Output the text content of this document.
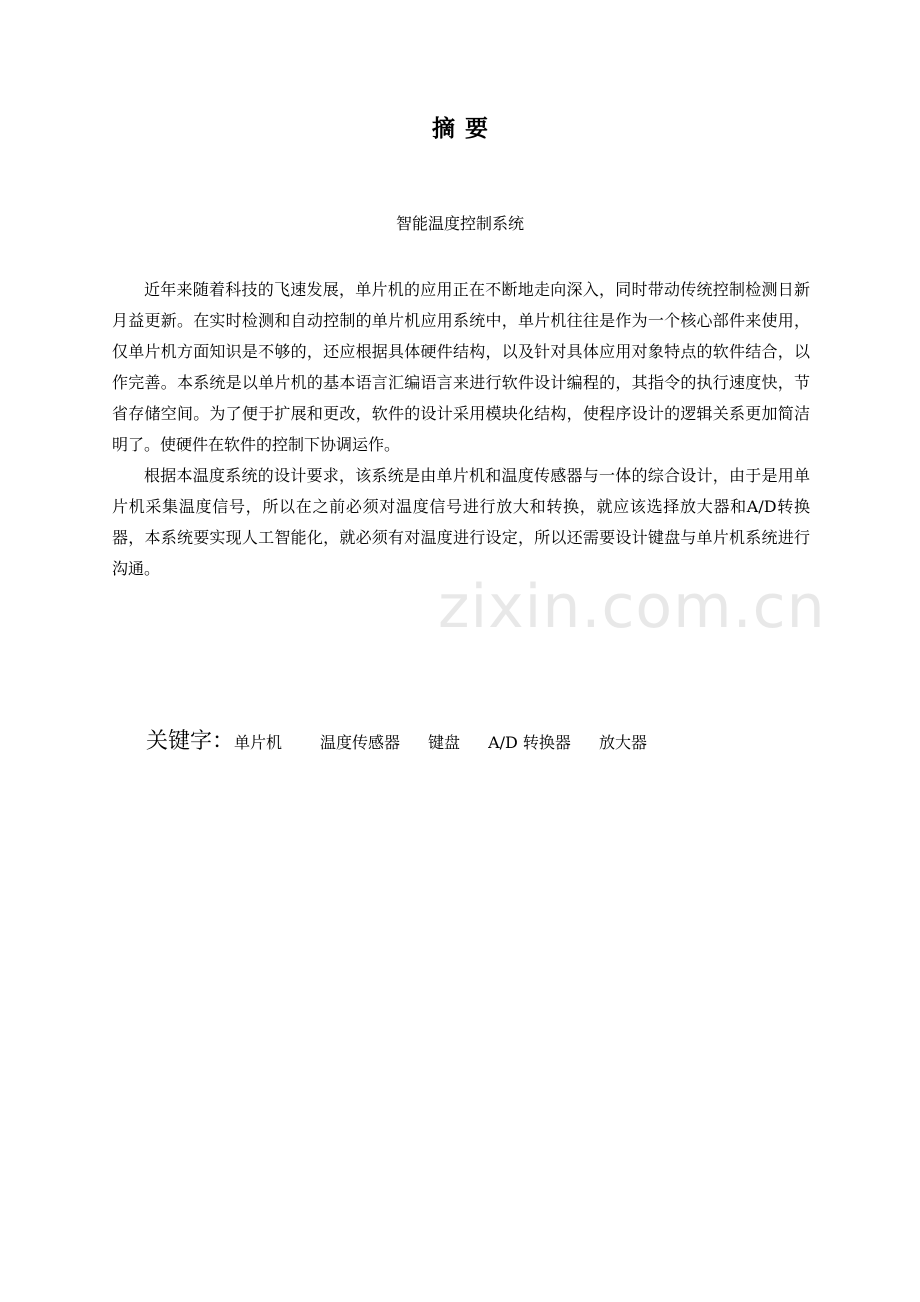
摘要
智能温度控制系统

近年来随着科技的飞速发展，单片机的应用正在不断地走向深入，同时带动传统控制检测日新月益更新。在实时检测和自动控制的单片机应用系统中，单片机往往是作为一个核心部件来使用，仅单片机方面知识是不够的，还应根据具体硬件结构，以及针对具体应用对象特点的软件结合，以作完善。本系统是以单片机的基本语言汇编语言来进行软件设计编程的，其指令的执行速度快，节省存储空间。为了便于扩展和更改，软件的设计采用模块化结构，使程序设计的逻辑关系更加简洁明了。使硬件在软件的控制下协调运作。

根据本温度系统的设计要求，该系统是由单片机和温度传感器与一体的综合设计，由于是用单片机采集温度信号，所以在之前必须对温度信号进行放大和转换，就应该选择放大器和A/D转换器，本系统要实现人工智能化，就必须有对温度进行设定，所以还需要设计键盘与单片机系统进行沟通。

zixin.com.cn
关键字： 单片机 温度传感器 键盘 A/D 转换器 放大器
